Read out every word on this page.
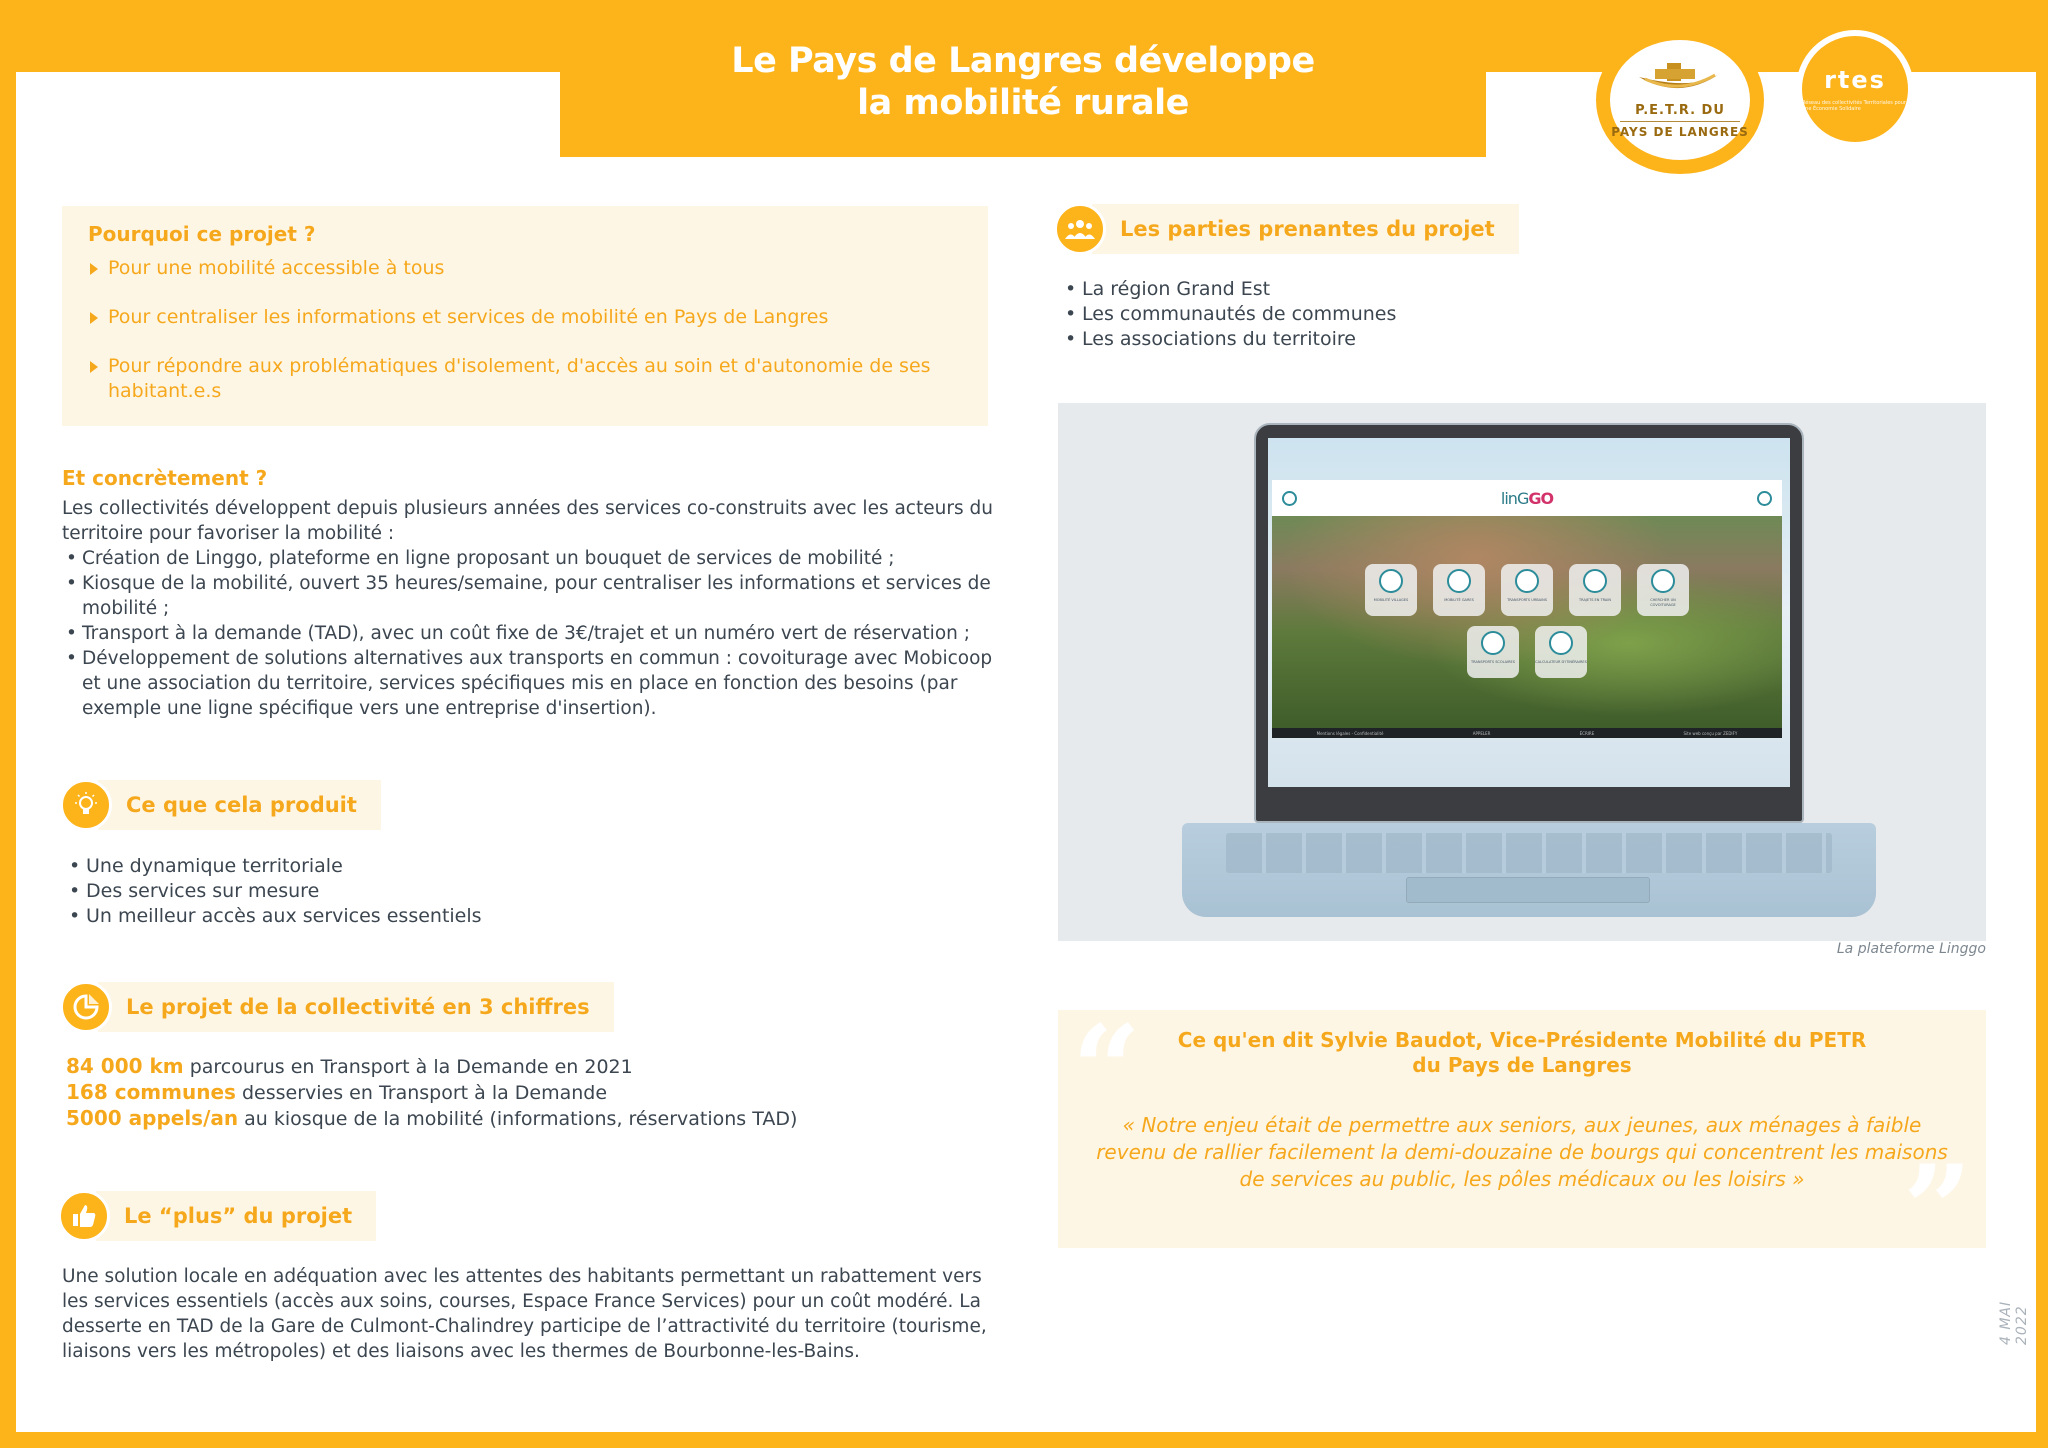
Le Pays de Langres développe
la mobilité rurale	P.E.T.R. DU
PAYS DE LANGRES
rtes
Réseau des collectivités Territoriales pour une Économie Solidaire
Pourquoi ce projet ?
Pour une mobilité accessible à tous
Pour centraliser les informations et services de mobilité en Pays de Langres
Pour répondre aux problématiques d'isolement, d'accès au soin et d'autonomie de ses habitant.e.s
Et concrètement ?

Les collectivités développent depuis plusieurs années des services co-construits avec les acteurs du territoire pour favoriser la mobilité :

• Création de Linggo, plateforme en ligne proposant un bouquet de services de mobilité ;
• Kiosque de la mobilité, ouvert 35 heures/semaine, pour centraliser les informations et services de mobilité ;
• Transport à la demande (TAD), avec un coût fixe de 3€/trajet et un numéro vert de réservation ;
• Développement de solutions alternatives aux transports en commun : covoiturage avec Mobicoop et une association du territoire, services spécifiques mis en place en fonction des besoins (par exemple une ligne spécifique vers une entreprise d'insertion).
Ce que cela produit
• Une dynamique territoriale
• Des services sur mesure
• Un meilleur accès aux services essentiels
Le projet de la collectivité en 3 chiffres
84 000 km parcourus en Transport à la Demande en 2021
168 communes desservies en Transport à la Demande
5000 appels/an au kiosque de la mobilité (informations, réservations TAD)
Le “plus” du projet

Une solution locale en adéquation avec les attentes des habitants permettant un rabattement vers les services essentiels (accès aux soins, courses, Espace France Services) pour un coût modéré. La desserte en TAD de la Gare de Culmont-Chalindrey participe de l’attractivité du territoire (tourisme, liaisons vers les métropoles) et des liaisons avec les thermes de Bourbonne-les-Bains.

Les parties prenantes du projet
• La région Grand Est
• Les communautés de communes
• Les associations du territoire
linGGO
MOBILITÉ VILLAGES	MOBILITÉ GARES	TRANSPORTS URBAINS	TRAJETS EN TRAIN	CHERCHER UN COVOITURAGE
TRANSPORTS SCOLAIRES	CALCULATEUR D'ITINÉRAIRES
Mentions légales - Confidentialité	APPELER	ÉCRIRE	Site web conçu par ZEDIFY
La plateforme Linggo
“
”
Ce qu'en dit Sylvie Baudot, Vice-Présidente Mobilité du PETR
du Pays de Langres

« Notre enjeu était de permettre aux seniors, aux jeunes, aux ménages à faible revenu de rallier facilement la demi-douzaine de bourgs qui concentrent les maisons de services au public, les pôles médicaux ou les loisirs »

4 MAI 2022
